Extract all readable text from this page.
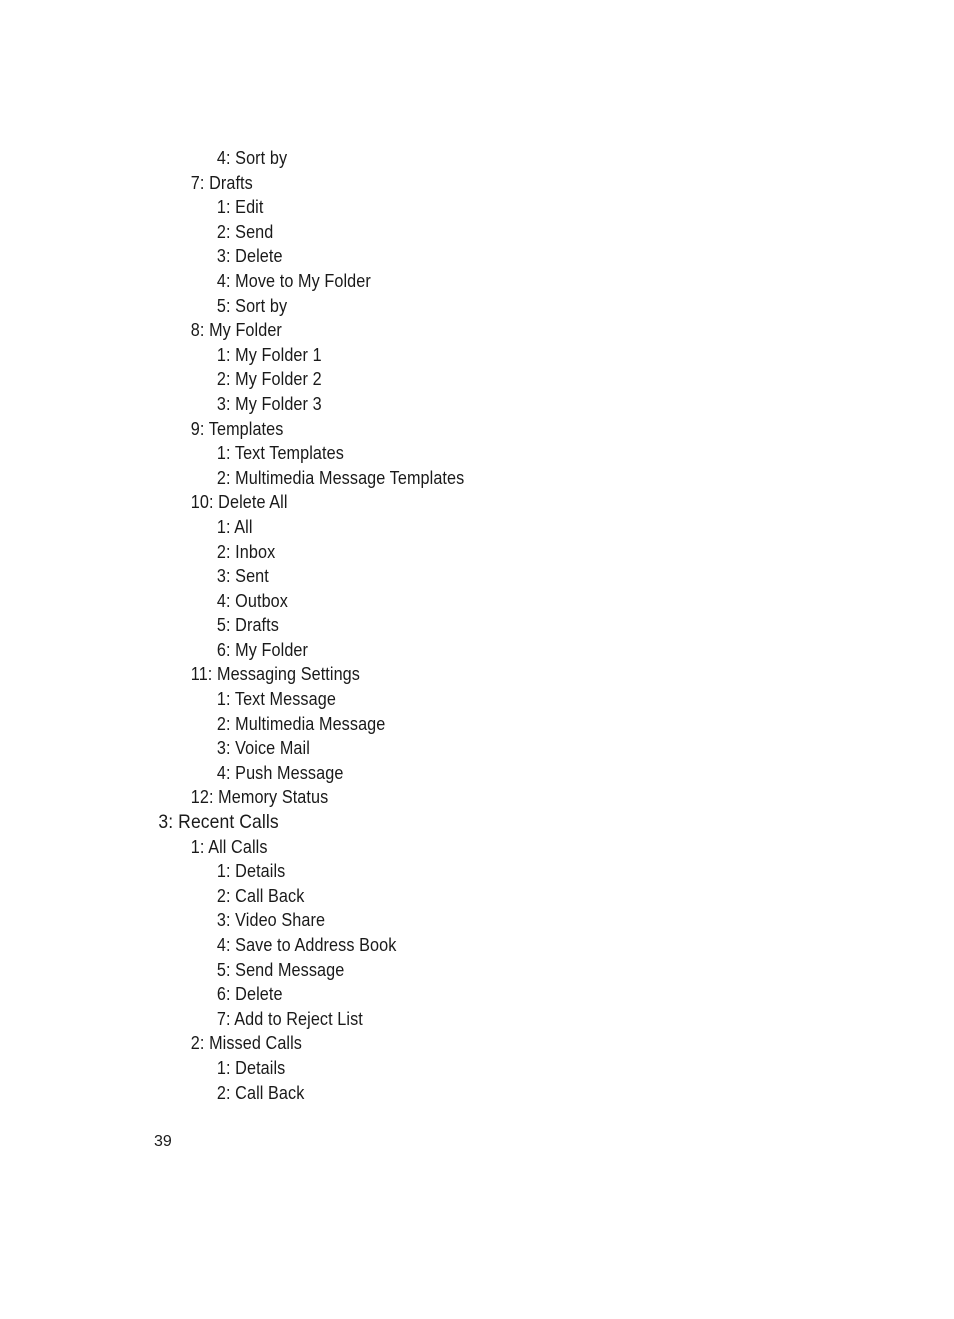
4: Sort by
7: Drafts
1: Edit
2: Send
3: Delete
4: Move to My Folder
5: Sort by
8: My Folder
1: My Folder 1
2: My Folder 2
3: My Folder 3
9: Templates
1: Text Templates
2: Multimedia Message Templates
10: Delete All
1: All
2: Inbox
3: Sent
4: Outbox
5: Drafts
6: My Folder
11: Messaging Settings
1: Text Message
2: Multimedia Message
3: Voice Mail
4: Push Message
12: Memory Status
3: Recent Calls
1: All Calls
1: Details
2: Call Back
3: Video Share
4: Save to Address Book
5: Send Message
6: Delete
7: Add to Reject List
2: Missed Calls
1: Details
2: Call Back
39
